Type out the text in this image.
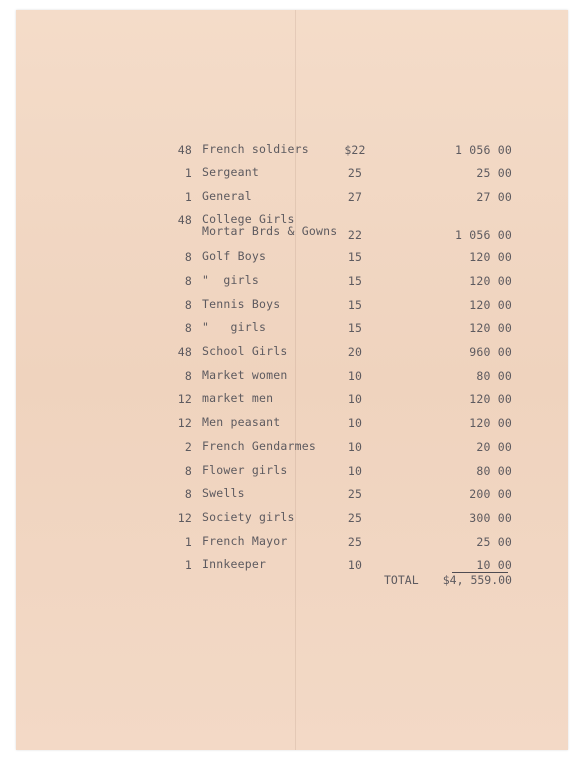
48 French soldiers	$22	1 056 00
1 Sergeant	25	25 00
1 General	27	27 00
48 College Girls
Mortar Brds & Gowns 22	1 056 00
8 Golf Boys	15	120 00
8 "  girls	15	120 00
8 Tennis Boys	15	120 00
8 "   girls	15	120 00
48 School Girls	20	960 00
8 Market women	10	80 00
12 market men	10	120 00
12 Men peasant	10	120 00
2 French Gendarmes	10	20 00
8 Flower girls	10	80 00
8 Swells	25	200 00
12 Society girls	25	300 00
1 French Mayor	25	25 00
1 Innkeeper	10	10 00
TOTAL	$4, 559.00
